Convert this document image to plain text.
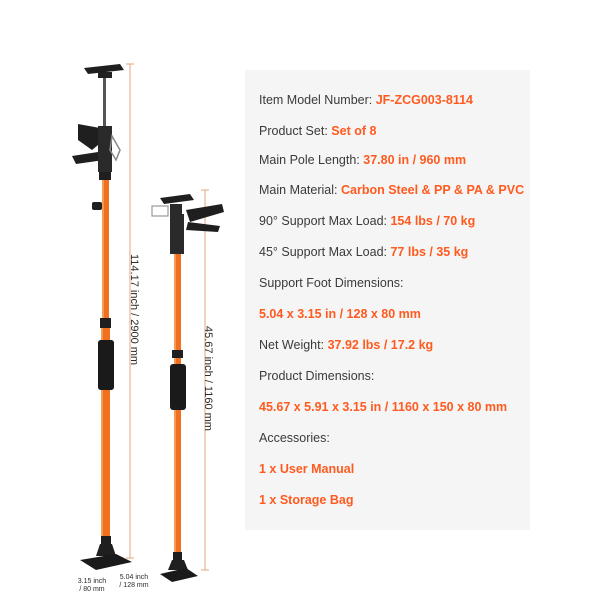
114.17 inch / 2900 mm
45.67 inch / 1160 mm
3.15 inch
/ 80 mm
5.04 inch
/ 128 mm
Item Model Number: JF-ZCG003-8114
Product Set: Set of 8
Main Pole Length: 37.80 in / 960 mm
Main Material: Carbon Steel & PP & PA & PVC
90° Support Max Load: 154 lbs / 70 kg
45° Support Max Load: 77 lbs / 35 kg
Support Foot Dimensions:
5.04 x 3.15 in / 128 x 80 mm
Net Weight: 37.92 lbs / 17.2 kg
Product Dimensions:
45.67 x 5.91 x 3.15 in / 1160 x 150 x 80 mm
Accessories:
1 x User Manual
1 x Storage Bag
